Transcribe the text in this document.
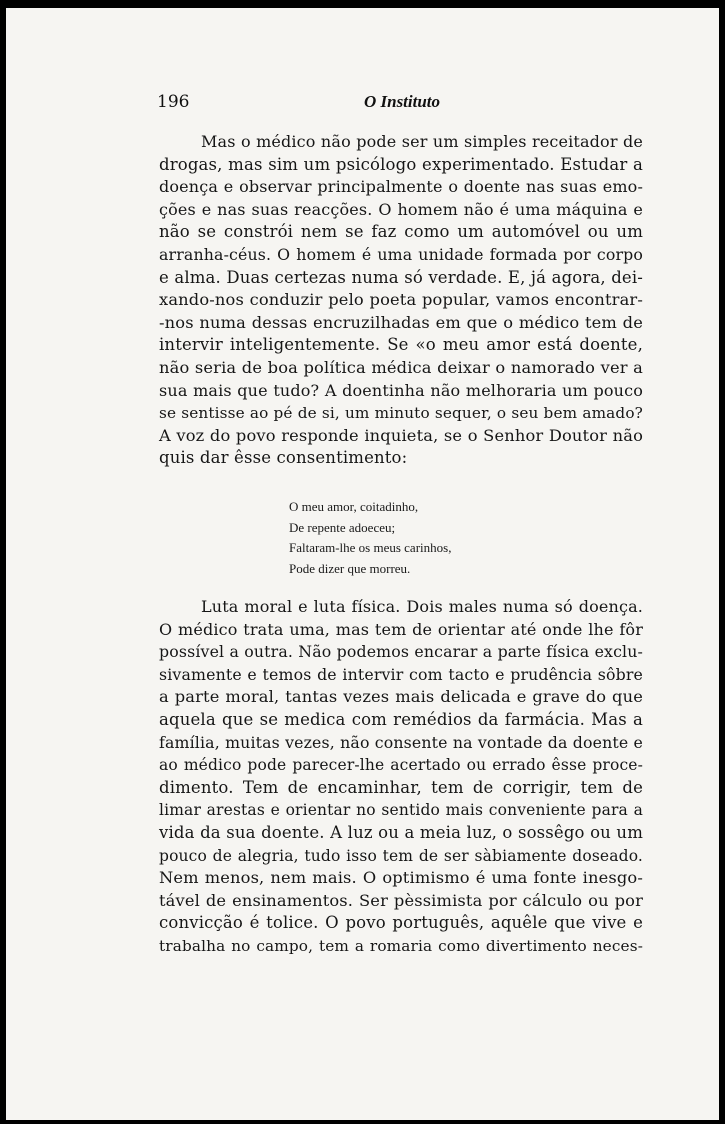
196	O Instituto
Mas o médico não pode ser um simples receitador de
drogas, mas sim um psicólogo experimentado. Estudar a
doença e observar principalmente o doente nas suas emo-
ções e nas suas reacções. O homem não é uma máquina e
não se constrói nem se faz como um automóvel ou um
arranha-céus. O homem é uma unidade formada por corpo
e alma. Duas certezas numa só verdade. E, já agora, dei-
xando-nos conduzir pelo poeta popular, vamos encontrar-
-nos numa dessas encruzilhadas em que o médico tem de
intervir inteligentemente. Se «o meu amor está doente,
não seria de boa política médica deixar o namorado ver a
sua mais que tudo? A doentinha não melhoraria um pouco
se sentisse ao pé de si, um minuto sequer, o seu bem amado?
A voz do povo responde inquieta, se o Senhor Doutor não
quis dar êsse consentimento:
O meu amor, coitadinho,
De repente adoeceu;
Faltaram-lhe os meus carinhos,
Pode dizer que morreu.
Luta moral e luta física. Dois males numa só doença.
O médico trata uma, mas tem de orientar até onde lhe fôr
possível a outra. Não podemos encarar a parte física exclu-
sivamente e temos de intervir com tacto e prudência sôbre
a parte moral, tantas vezes mais delicada e grave do que
aquela que se medica com remédios da farmácia. Mas a
família, muitas vezes, não consente na vontade da doente e
ao médico pode parecer-lhe acertado ou errado êsse proce-
dimento. Tem de encaminhar, tem de corrigir, tem de
limar arestas e orientar no sentido mais conveniente para a
vida da sua doente. A luz ou a meia luz, o sossêgo ou um
pouco de alegria, tudo isso tem de ser sàbiamente doseado.
Nem menos, nem mais. O optimismo é uma fonte inesgo-
tável de ensinamentos. Ser pèssimista por cálculo ou por
convicção é tolice. O povo português, aquêle que vive e
trabalha no campo, tem a romaria como divertimento neces-
